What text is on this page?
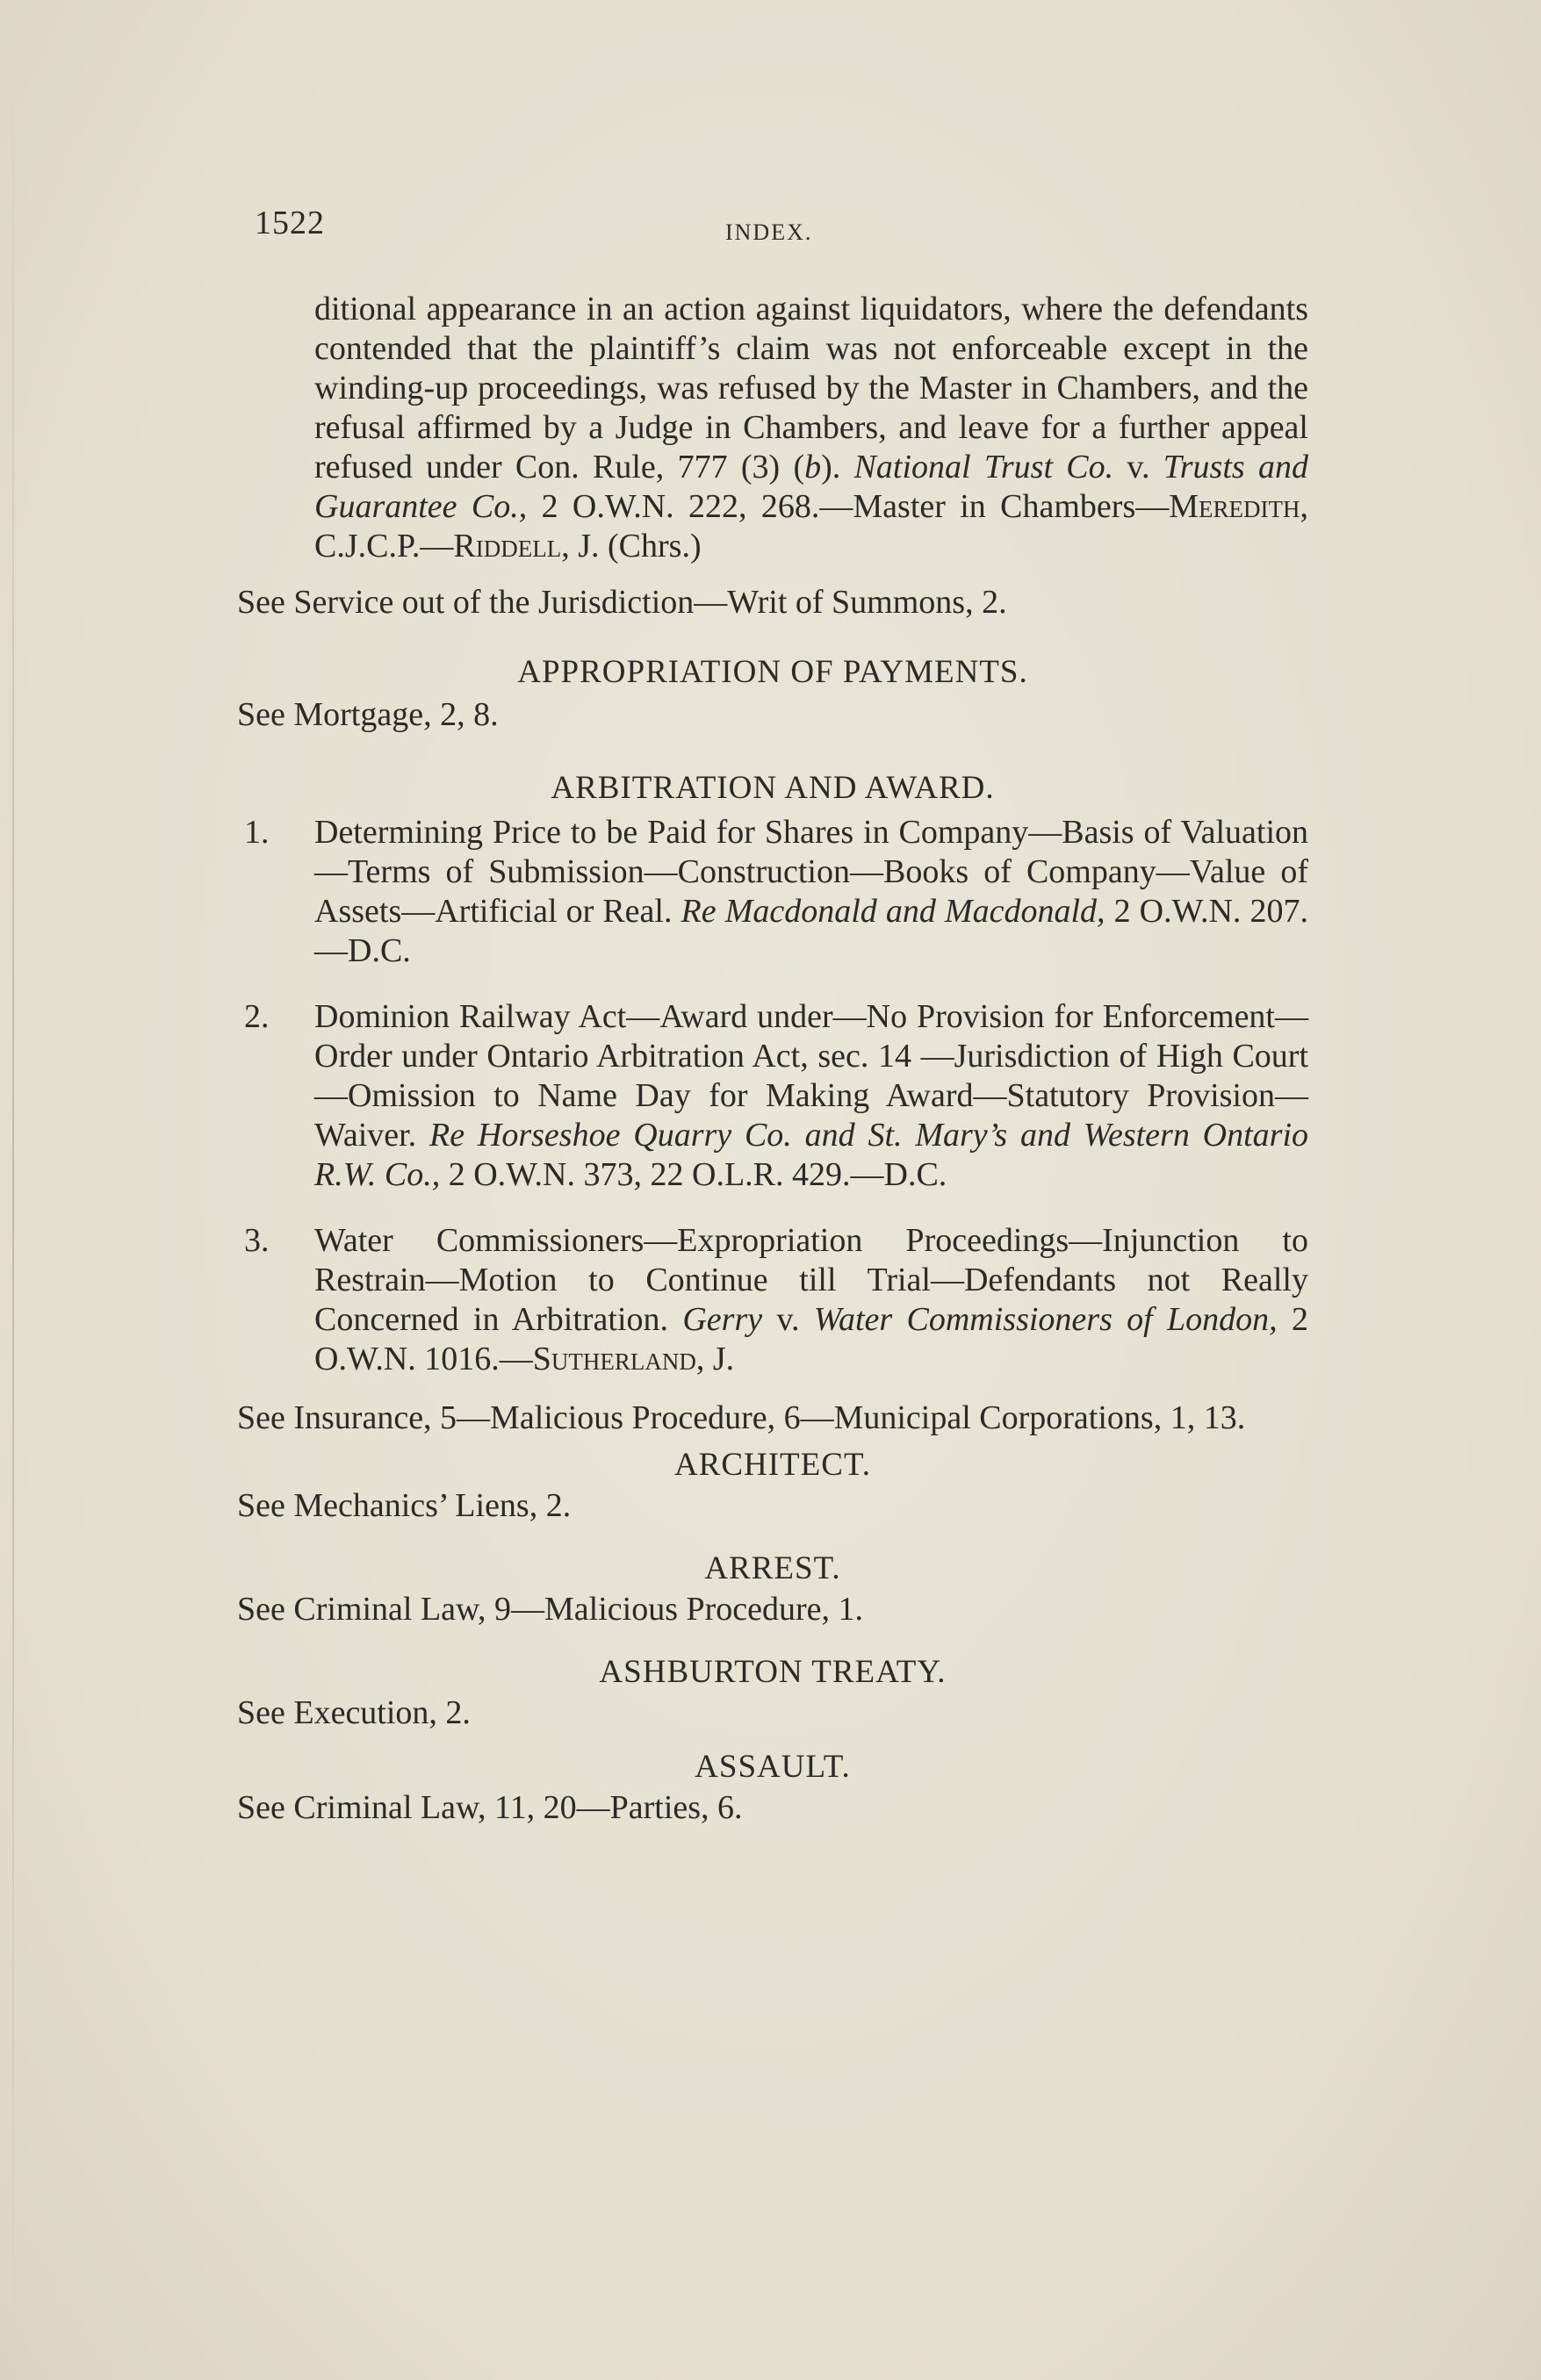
1522	INDEX.

ditional appearance in an action against liquidators, where the defendants contended that the plaintiff’s claim was not enforceable except in the winding-up proceedings, was refused by the Master in Chambers, and the refusal affirmed by a Judge in Chambers, and leave for a further appeal refused under Con. Rule, 777 (3) (b). National Trust Co. v. Trusts and Guarantee Co., 2 O.W.N. 222, 268.—Master in Chambers—Meredith, C.J.C.P.—Riddell, J. (Chrs.)

See Service out of the Jurisdiction—Writ of Summons, 2.

APPROPRIATION OF PAYMENTS.

See Mortgage, 2, 8.

ARBITRATION AND AWARD.

1. Determining Price to be Paid for Shares in Company—Basis of Valuation—Terms of Submission—Construction—Books of Company—Value of Assets—Artificial or Real. Re Macdonald and Macdonald, 2 O.W.N. 207.—D.C.
2. Dominion Railway Act—Award under—No Provision for Enforcement—Order under Ontario Arbitration Act, sec. 14 —Jurisdiction of High Court—Omission to Name Day for Making Award—Statutory Provision—Waiver. Re Horseshoe Quarry Co. and St. Mary’s and Western Ontario R.W. Co., 2 O.W.N. 373, 22 O.L.R. 429.—D.C.
3. Water Commissioners—Expropriation Proceedings—Injunction to Restrain—Motion to Continue till Trial—Defendants not Really Concerned in Arbitration. Gerry v. Water Commissioners of London, 2 O.W.N. 1016.—Sutherland, J.

See Insurance, 5—Malicious Procedure, 6—Municipal Corporations, 1, 13.

ARCHITECT.

See Mechanics’ Liens, 2.

ARREST.

See Criminal Law, 9—Malicious Procedure, 1.

ASHBURTON TREATY.

See Execution, 2.

ASSAULT.

See Criminal Law, 11, 20—Parties, 6.
